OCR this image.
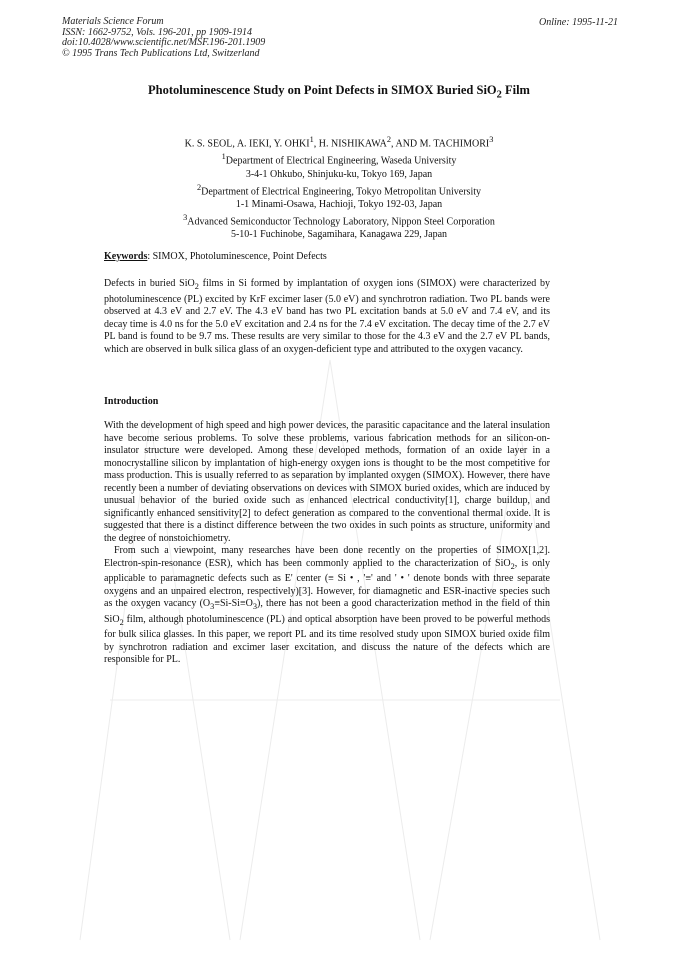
Materials Science Forum
ISSN: 1662-9752, Vols. 196-201, pp 1909-1914
doi:10.4028/www.scientific.net/MSF.196-201.1909
© 1995 Trans Tech Publications Ltd, Switzerland
Online: 1995-11-21
Photoluminescence Study on Point Defects in SIMOX Buried SiO$_2$ Film
K. S. SEOL, A. IEKI, Y. OHKI$^1$, H. NISHIKAWA$^2$, AND M. TACHIMORI$^3$
$^1$Department of Electrical Engineering, Waseda University
3-4-1 Ohkubo, Shinjuku-ku, Tokyo 169, Japan
$^2$Department of Electrical Engineering, Tokyo Metropolitan University
1-1 Minami-Osawa, Hachioji, Tokyo 192-03, Japan
$^3$Advanced Semiconductor Technology Laboratory, Nippon Steel Corporation
5-10-1 Fuchinobe, Sagamihara, Kanagawa 229, Japan
Keywords: SIMOX, Photoluminescence, Point Defects
Defects in buried SiO$_2$ films in Si formed by implantation of oxygen ions (SIMOX) were characterized by photoluminescence (PL) excited by KrF excimer laser (5.0 eV) and synchrotron radiation. Two PL bands were observed at 4.3 eV and 2.7 eV. The 4.3 eV band has two PL excitation bands at 5.0 eV and 7.4 eV, and its decay time is 4.0 ns for the 5.0 eV excitation and 2.4 ns for the 7.4 eV excitation. The decay time of the 2.7 eV PL band is found to be 9.7 ms. These results are very similar to those for the 4.3 eV and the 2.7 eV PL bands, which are observed in bulk silica glass of an oxygen-deficient type and attributed to the oxygen vacancy.
Introduction

With the development of high speed and high power devices, the parasitic capacitance and the lateral insulation have become serious problems. To solve these problems, various fabrication methods for an silicon-on-insulator structure were developed. Among these developed methods, formation of an oxide layer in a monocrystalline silicon by implantation of high-energy oxygen ions is thought to be the most competitive for mass production. This is usually referred to as separation by implanted oxygen (SIMOX). However, there have recently been a number of deviating observations on devices with SIMOX buried oxides, which are induced by unusual behavior of the buried oxide such as enhanced electrical conductivity[1], charge buildup, and significantly enhanced sensitivity[2] to defect generation as compared to the conventional thermal oxide. It is suggested that there is a distinct difference between the two oxides in such points as structure, uniformity and the degree of nonstoichiometry.

From such a viewpoint, many researches have been done recently on the properties of SIMOX[1,2]. Electron-spin-resonance (ESR), which has been commonly applied to the characterization of SiO$_2$, is only applicable to paramagnetic defects such as E' center (≡ Si • , '≡' and ' • ' denote bonds with three separate oxygens and an unpaired electron, respectively)[3]. However, for diamagnetic and ESR-inactive species such as the oxygen vacancy $(O_3\equiv Si-Si\equiv O_3)$, there has not been a good characterization method in the field of thin SiO$_2$ film, although photoluminescence (PL) and optical absorption have been proved to be powerful methods for bulk silica glasses. In this paper, we report PL and its time resolved study upon SIMOX buried oxide film by synchrotron radiation and excimer laser excitation, and discuss the nature of the defects which are responsible for PL.
